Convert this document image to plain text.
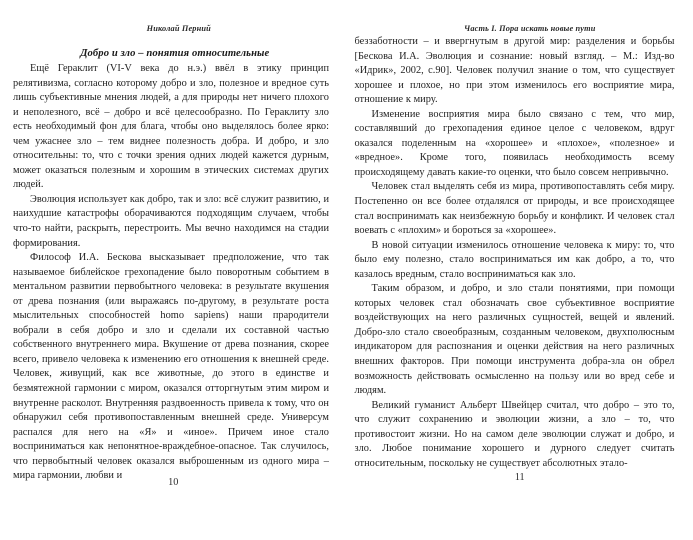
Николай Перний
Добро и зло – понятия относительные

Ещё Гераклит (VI-V века до н.э.) ввёл в этику принцип релятивизма, согласно которому добро и зло, полезное и вредное суть лишь субъективные мнения людей, а для природы нет ничего плохого и неполезного, всё – добро и всё целесообразно. По Гераклиту зло есть необходимый фон для блага, чтобы оно выделялось более ярко: чем ужаснее зло – тем виднее полезность добра. И добро, и зло относительны: то, что с точки зрения одних людей кажется дурным, может оказаться полезным и хорошим в этических системах других людей.

Эволюция использует как добро, так и зло: всё служит развитию, и наихудшие катастрофы оборачиваются подходящим случаем, чтобы что-то найти, раскрыть, перестроить. Мы вечно находимся на стадии формирования.

Философ И.А. Бескова высказывает предположение, что так называемое библейское грехопадение было поворотным событием в ментальном развитии первобытного человека: в результате вкушения от древа познания (или выражаясь по-другому, в результате роста мыслительных способностей homo sapiens) наши прародители вобрали в себя добро и зло и сделали их составной частью собственного внутреннего мира. Вкушение от древа познания, скорее всего, привело человека к изменению его отношения к внешней среде. Человек, живущий, как все животные, до этого в единстве и безмятежной гармонии с миром, оказался отторгнутым этим миром и внутренне расколот. Внутренняя раздвоенность привела к тому, что он обнаружил себя противопоставленным внешней среде. Универсум распался для него на «Я» и «иное». Причем иное стало восприниматься как непонятное-враждебное-опасное. Так случилось, что первобытный человек оказался выброшенным из одного мира – мира гармонии, любви и

10
Часть I. Пора искать новые пути

беззаботности – и ввергнутым в другой мир: разделения и борьбы [Бескова И.А. Эволюция и сознание: новый взгляд. – М.: Изд-во «Идрик», 2002, с.90]. Человек получил знание о том, что существует хорошее и плохое, но при этом изменилось его восприятие мира, отношение к миру.

Изменение восприятия мира было связано с тем, что мир, составлявший до грехопадения единое целое с человеком, вдруг оказался поделенным на «хорошее» и «плохое», «полезное» и «вредное». Кроме того, появилась необходимость всему происходящему давать какие-то оценки, что было совсем непривычно.

Человек стал выделять себя из мира, противопоставлять себя миру. Постепенно он все более отдалялся от природы, и все происходящее стал воспринимать как неизбежную борьбу и конфликт. И человек стал воевать с «плохим» и бороться за «хорошее».

В новой ситуации изменилось отношение человека к миру: то, что было ему полезно, стало восприниматься им как добро, а то, что казалось вредным, стало восприниматься как зло.

Таким образом, и добро, и зло стали понятиями, при помощи которых человек стал обозначать свое субъективное восприятие воздействующих на него различных сущностей, вещей и явлений. Добро-зло стало своеобразным, созданным человеком, двухполюсным индикатором для распознания и оценки действия на него различных внешних факторов. При помощи инструмента добра-зла он обрел возможность действовать осмысленно на пользу или во вред себе и людям.

Великий гуманист Альберт Швейцер считал, что добро – это то, что служит сохранению и эволюции жизни, а зло – то, что противостоит жизни. Но на самом деле эволюции служат и добро, и зло. Любое понимание хорошего и дурного следует считать относительным, поскольку не существует абсолютных этало-

11
